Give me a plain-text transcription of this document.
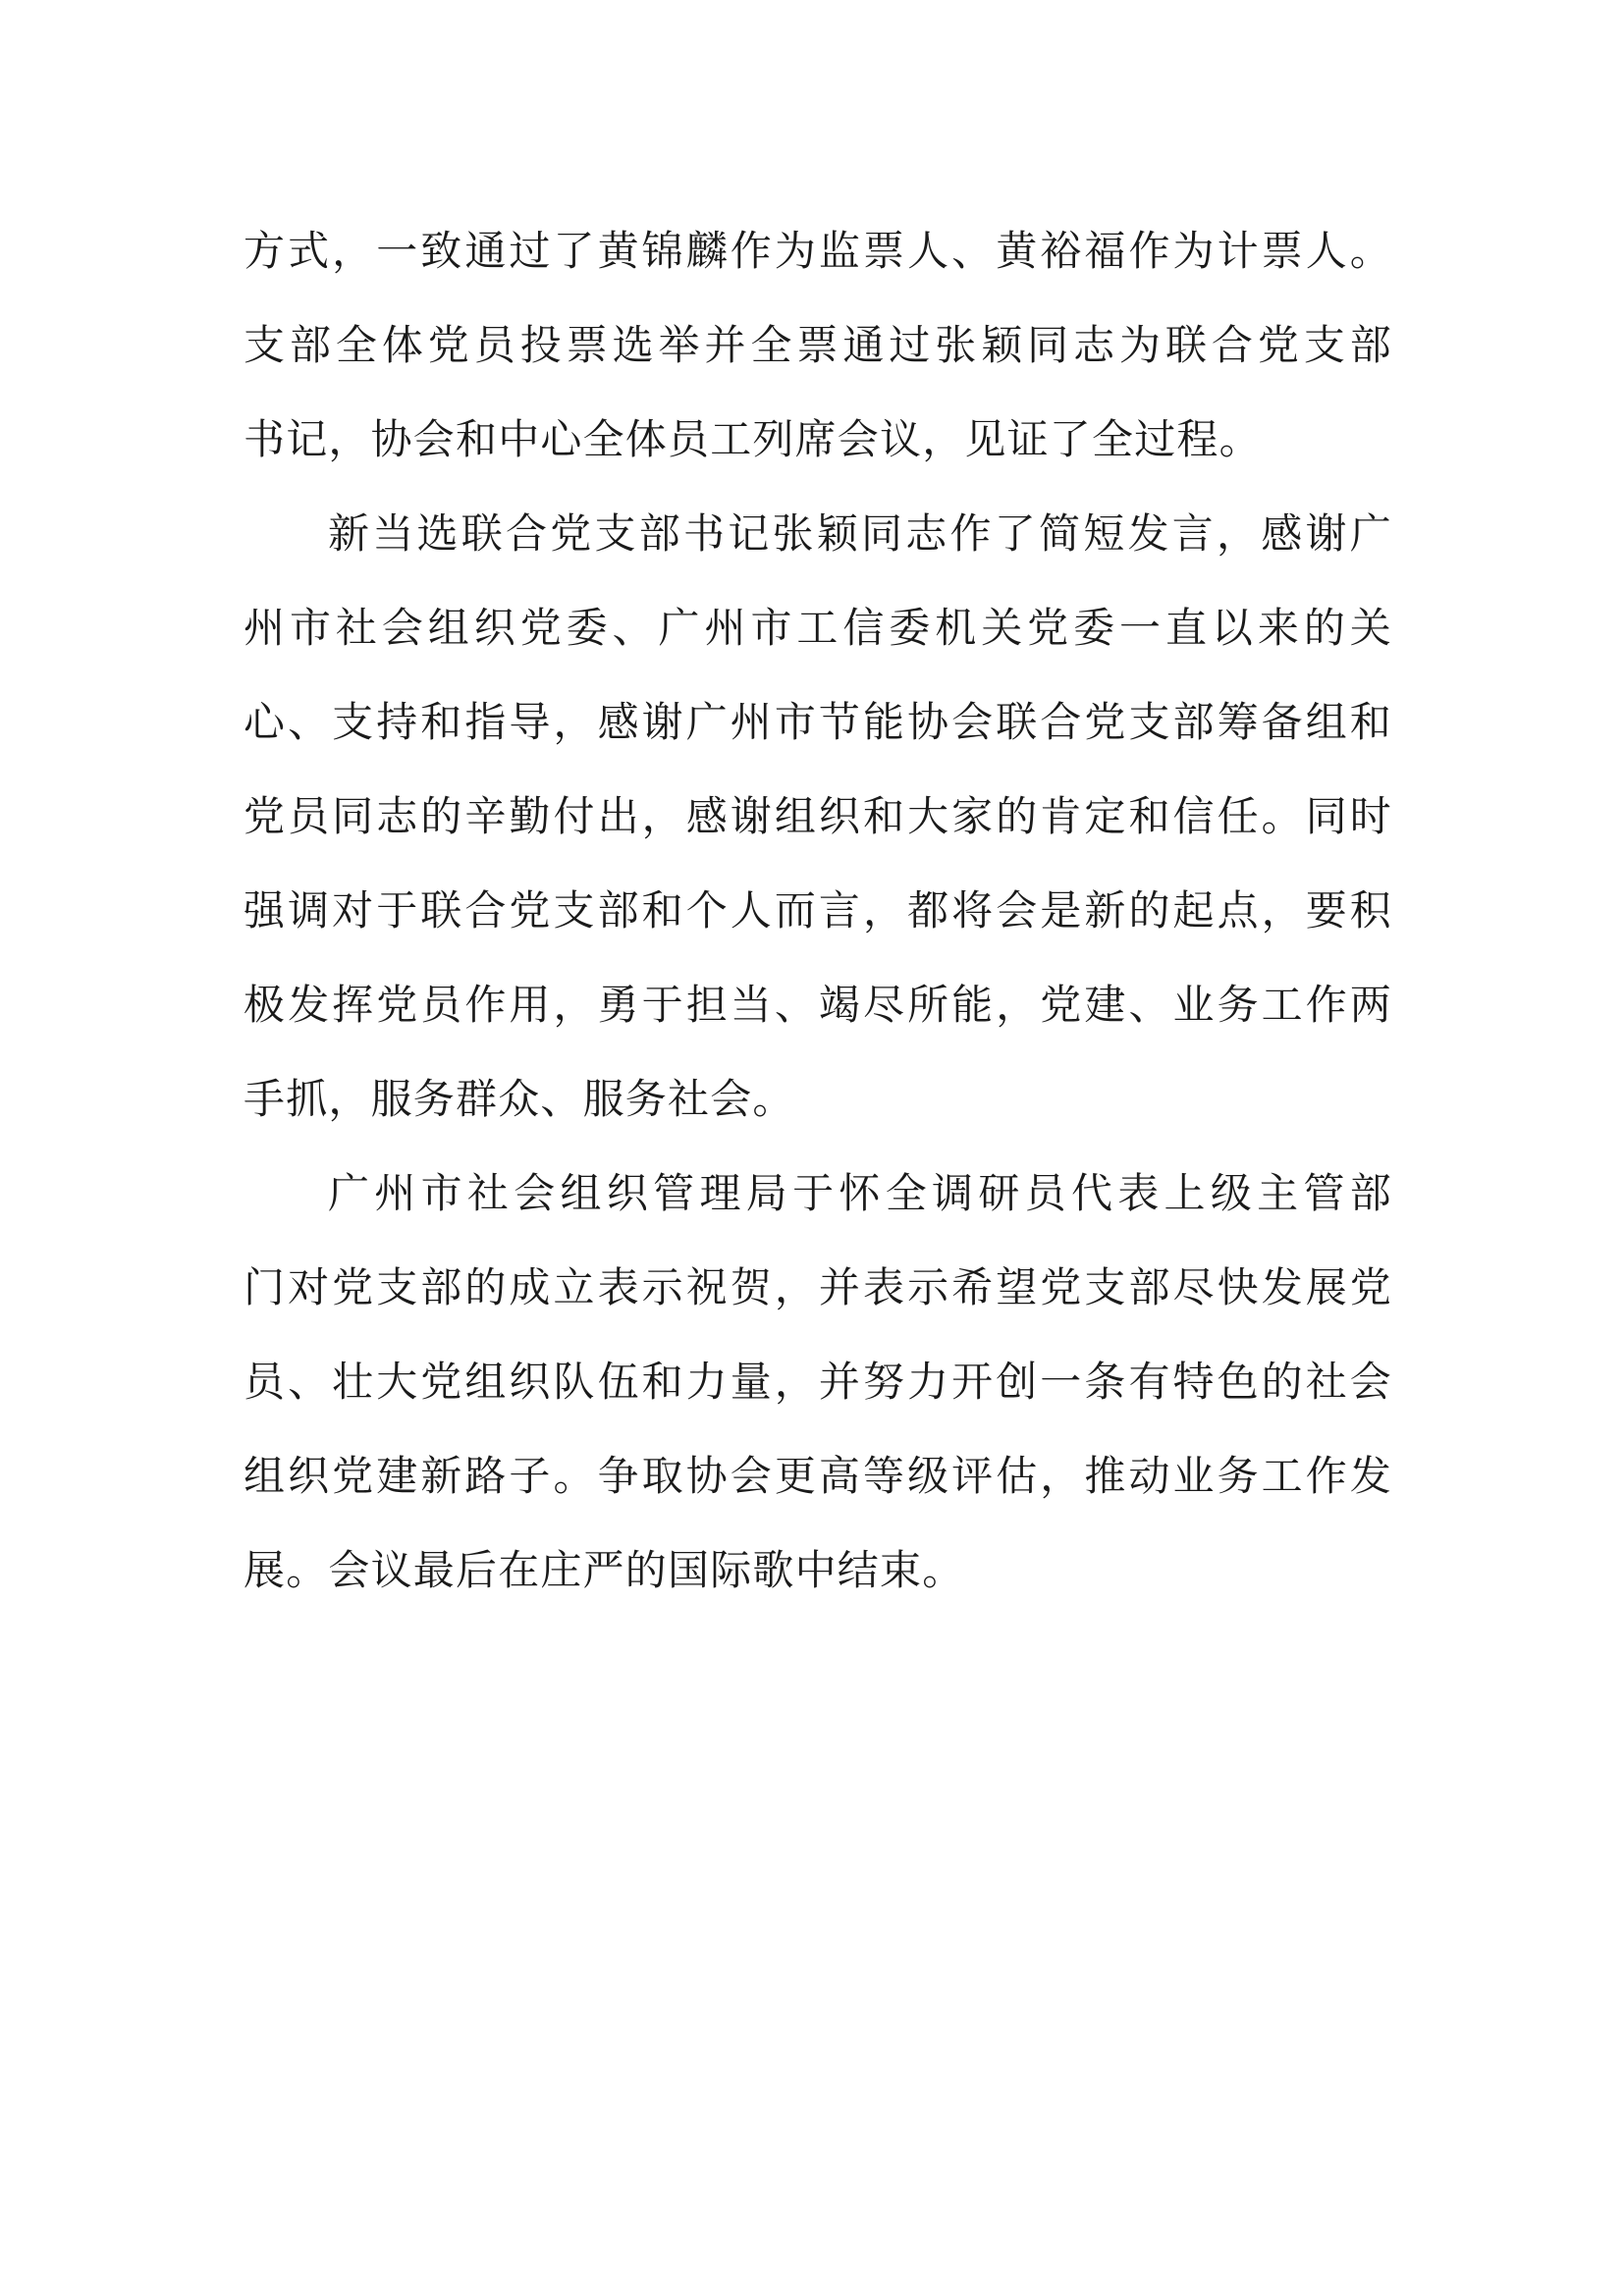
方式，一致通过了黄锦麟作为监票人、黄裕福作为计票人。
支部全体党员投票选举并全票通过张颖同志为联合党支部
书记，协会和中心全体员工列席会议，见证了全过程。
新当选联合党支部书记张颖同志作了简短发言，感谢广
州市社会组织党委、广州市工信委机关党委一直以来的关
心、支持和指导，感谢广州市节能协会联合党支部筹备组和
党员同志的辛勤付出，感谢组织和大家的肯定和信任。同时
强调对于联合党支部和个人而言，都将会是新的起点，要积
极发挥党员作用，勇于担当、竭尽所能，党建、业务工作两
手抓，服务群众、服务社会。
广州市社会组织管理局于怀全调研员代表上级主管部
门对党支部的成立表示祝贺，并表示希望党支部尽快发展党
员、壮大党组织队伍和力量，并努力开创一条有特色的社会
组织党建新路子。争取协会更高等级评估，推动业务工作发
展。会议最后在庄严的国际歌中结束。
